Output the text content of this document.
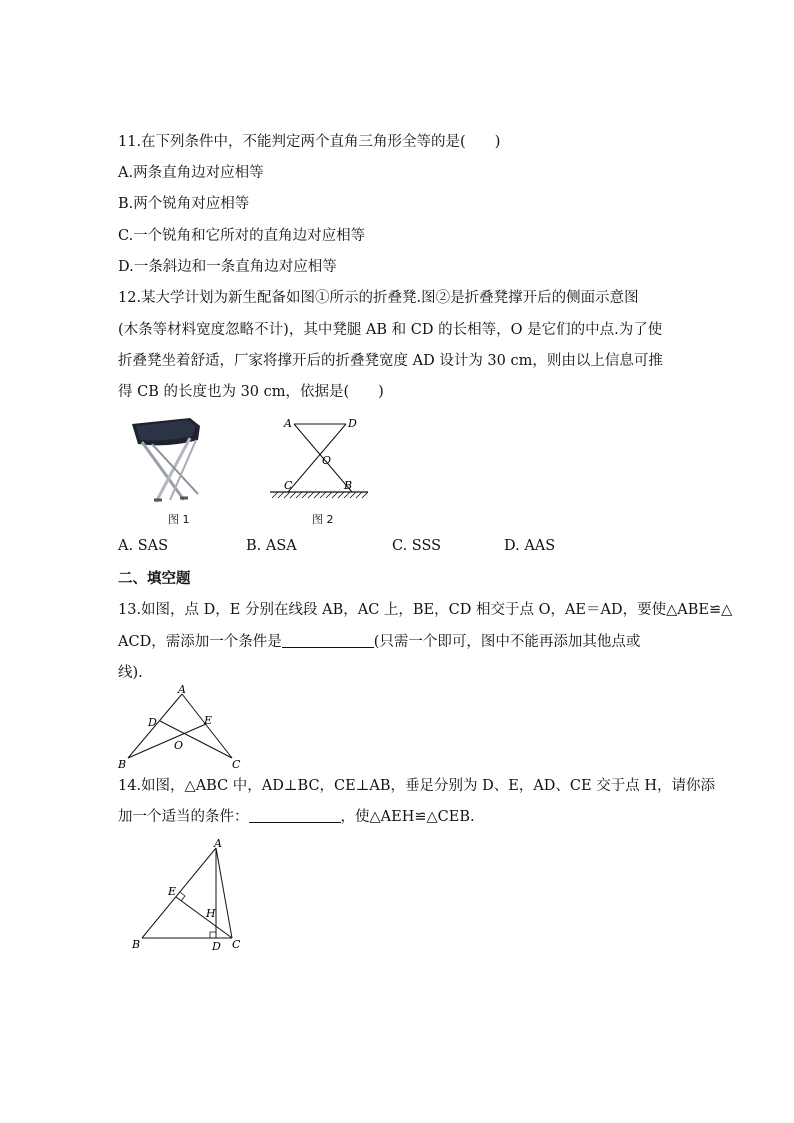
11.在下列条件中，不能判定两个直角三角形全等的是(　　)
A.两条直角边对应相等
B.两个锐角对应相等
C.一个锐角和它所对的直角边对应相等
D.一条斜边和一条直角边对应相等
12.某大学计划为新生配备如图①所示的折叠凳.图②是折叠凳撑开后的侧面示意图
(木条等材料宽度忽略不计)，其中凳腿 AB 和 CD 的长相等，O 是它们的中点.为了使
折叠凳坐着舒适，厂家将撑开后的折叠凳宽度 AD 设计为 30 cm，则由以上信息可推
得 CB 的长度也为 30 cm，依据是(　　)
图 1
A	D
O
C	B
图 2
A. SAS	B. ASA	C. SSS	D. AAS
二、填空题
13.如图，点 D，E 分别在线段 AB，AC 上，BE，CD 相交于点 O，AE＝AD，要使△ABE≌△
ACD，需添加一个条件是	(只需一个即可，图中不能再添加其他点或
线).
A
D	E
O
B	C
14.如图，△ABC 中，AD⊥BC，CE⊥AB，垂足分别为 D、E，AD、CE 交于点 H，请你添
加一个适当的条件：	，使△AEH≌△CEB.
A
E
H
B	D C
